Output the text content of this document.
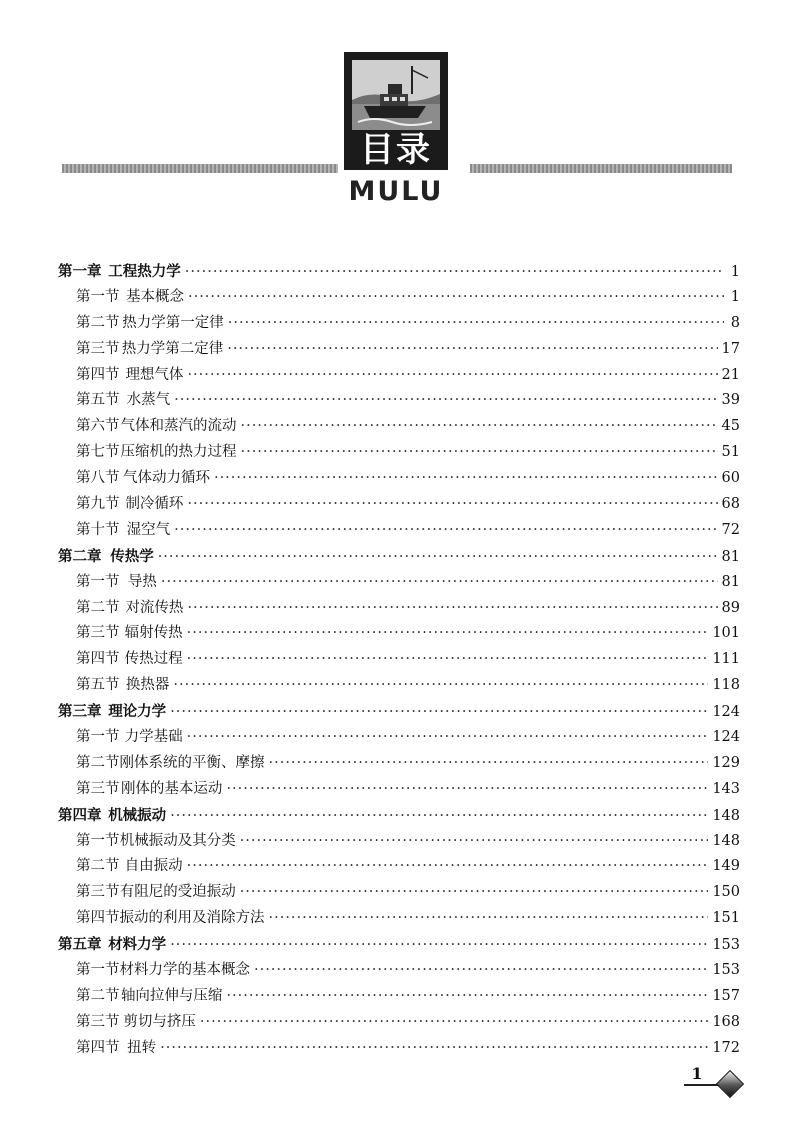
目录
MULU
第一章 工程热力学 ·····	1
第一节 基本概念 ·····	1
第二节 热力学第一定律 ·····	8
第三节 热力学第二定律 ·····	17
第四节 理想气体 ·····	21
第五节 水蒸气 ·····	39
第六节 气体和蒸汽的流动 ·····	45
第七节 压缩机的热力过程 ·····	51
第八节 气体动力循环 ·····	60
第九节 制冷循环 ·····	68
第十节 湿空气 ·····	72
第二章 传热学 ·····	81
第一节 导热 ·····	81
第二节 对流传热 ·····	89
第三节 辐射传热 ·····	101
第四节 传热过程 ·····	111
第五节 换热器 ·····	118
第三章 理论力学 ·····	124
第一节 力学基础 ·····	124
第二节 刚体系统的平衡、摩擦 ·····	129
第三节 刚体的基本运动 ·····	143
第四章 机械振动 ·····	148
第一节 机械振动及其分类 ·····	148
第二节 自由振动 ·····	149
第三节 有阻尼的受迫振动 ·····	150
第四节 振动的利用及消除方法 ·····	151
第五章 材料力学 ·····	153
第一节 材料力学的基本概念 ·····	153
第二节 轴向拉伸与压缩 ·····	157
第三节 剪切与挤压 ·····	168
第四节 扭转 ·····	172
1
